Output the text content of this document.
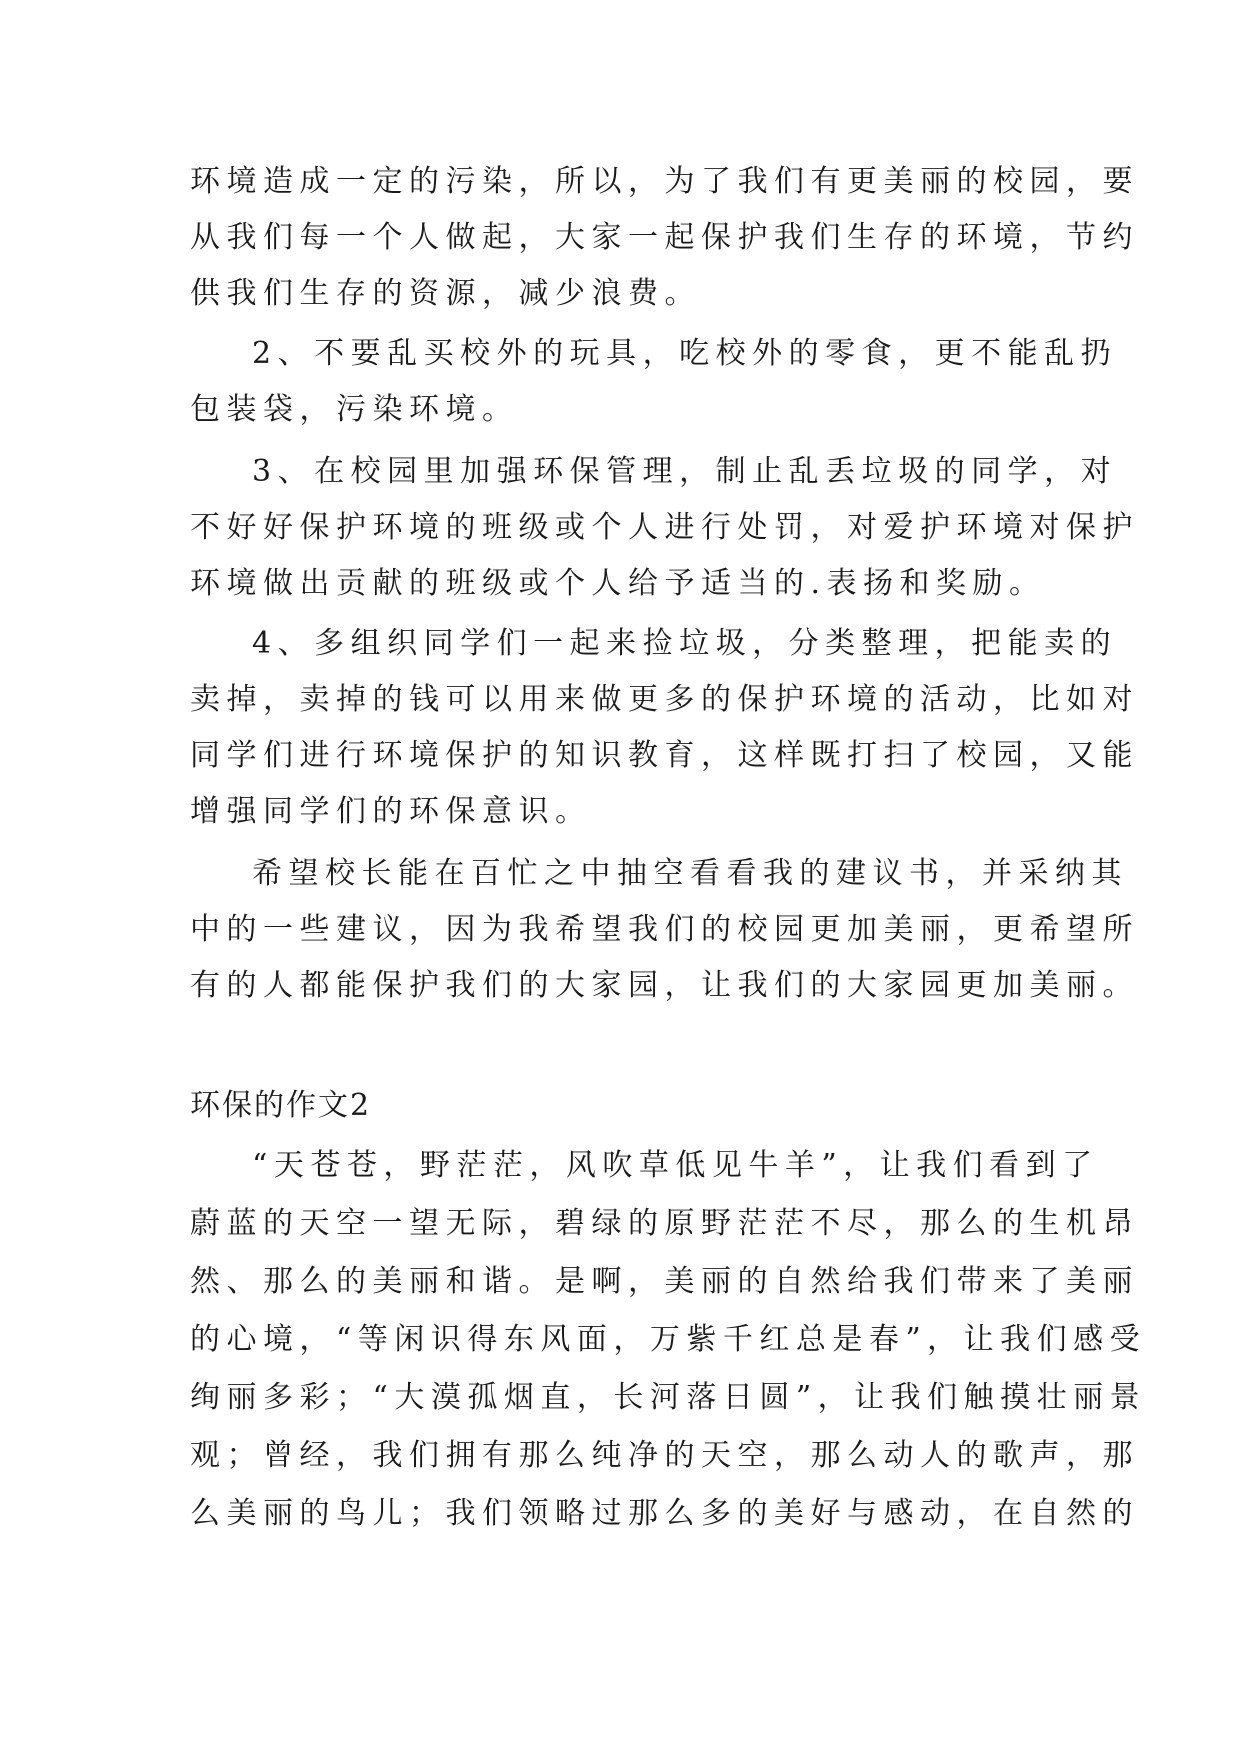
环境造成一定的污染，所以，为了我们有更美丽的校园，要
从我们每一个人做起，大家一起保护我们生存的环境，节约
供我们生存的资源，减少浪费。
2、不要乱买校外的玩具，吃校外的零食，更不能乱扔
包装袋，污染环境。
3、在校园里加强环保管理，制止乱丢垃圾的同学，对
不好好保护环境的班级或个人进行处罚，对爱护环境对保护
环境做出贡献的班级或个人给予适当的.表扬和奖励。
4、多组织同学们一起来捡垃圾，分类整理，把能卖的
卖掉，卖掉的钱可以用来做更多的保护环境的活动，比如对
同学们进行环境保护的知识教育，这样既打扫了校园，又能
增强同学们的环保意识。
希望校长能在百忙之中抽空看看我的建议书，并采纳其
中的一些建议，因为我希望我们的校园更加美丽，更希望所
有的人都能保护我们的大家园，让我们的大家园更加美丽。
环保的作文2
“天苍苍，野茫茫，风吹草低见牛羊”，让我们看到了
蔚蓝的天空一望无际，碧绿的原野茫茫不尽，那么的生机昂
然、那么的美丽和谐。是啊，美丽的自然给我们带来了美丽
的心境，“等闲识得东风面，万紫千红总是春”，让我们感受
绚丽多彩；“大漠孤烟直，长河落日圆”，让我们触摸壮丽景
观；曾经，我们拥有那么纯净的天空，那么动人的歌声，那
么美丽的鸟儿；我们领略过那么多的美好与感动，在自然的
